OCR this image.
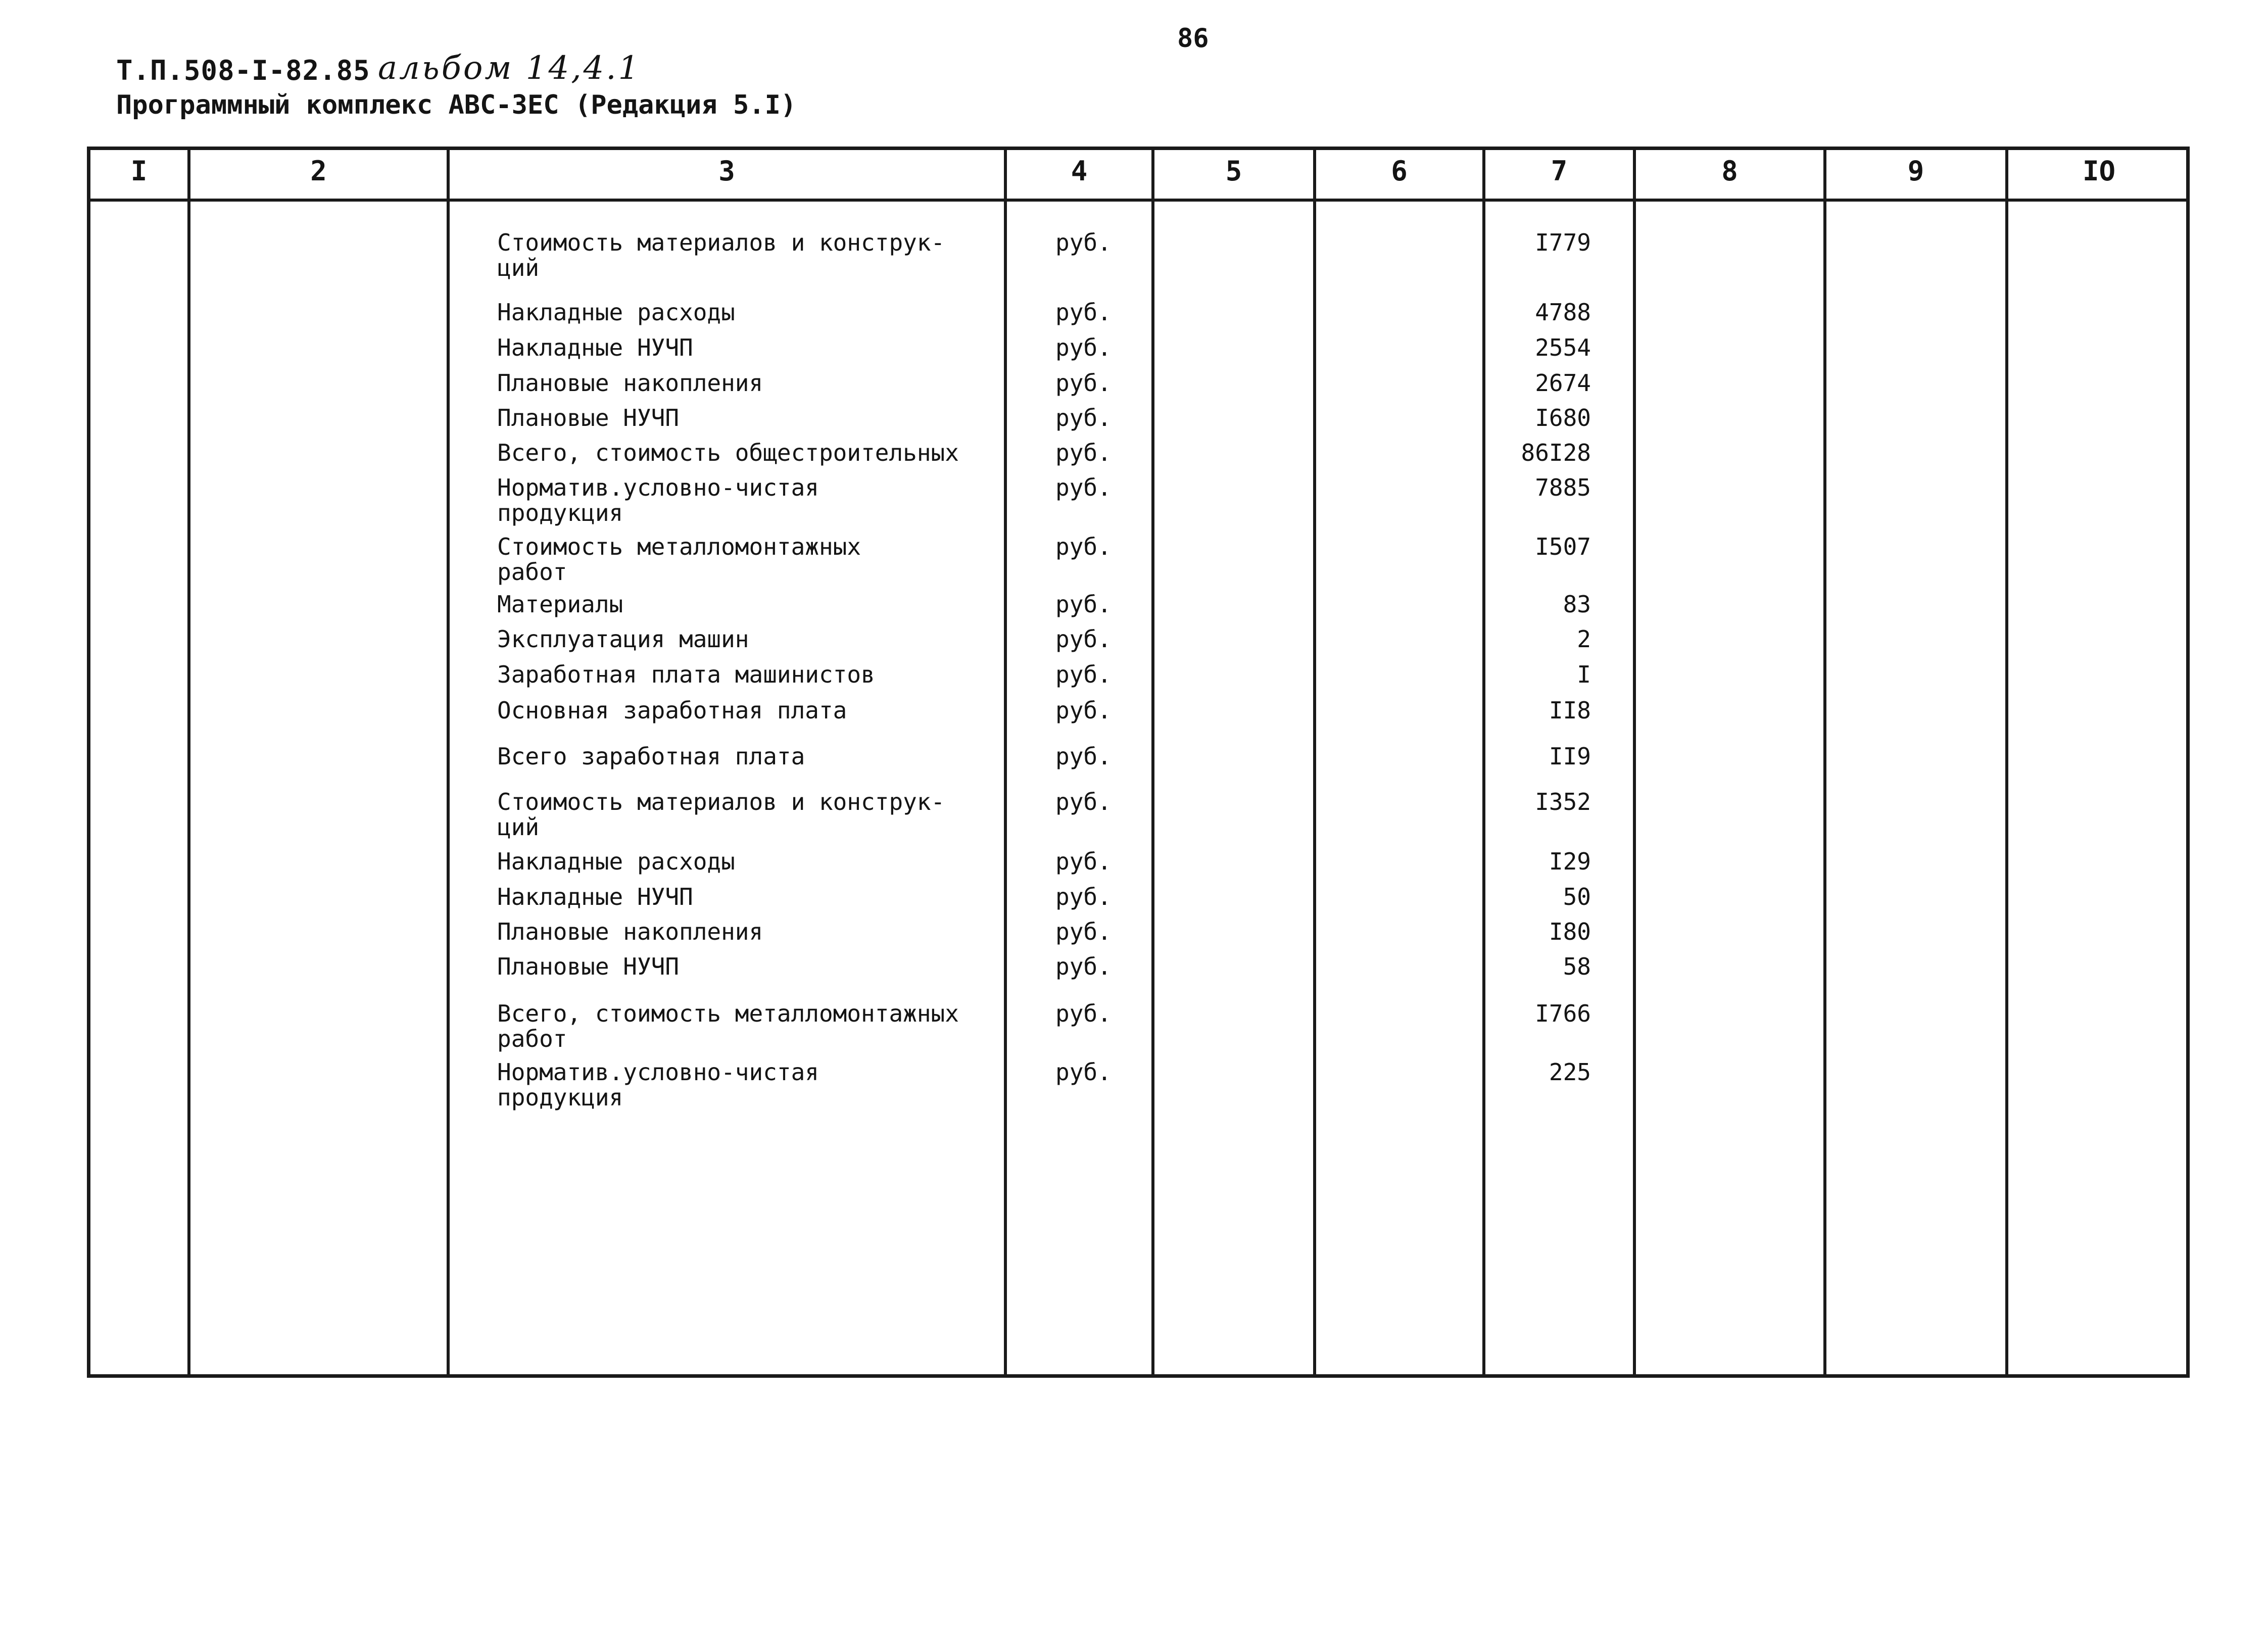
86
Т.П.508-I-82.85 альбом 14,4.1
Программный комплекс АВС-ЗЕС (Редакция 5.I)
I	2	3	4	5	6	7	8	9	IO
Стоимость материалов и конструк-
ций
руб.	I779
Накладные расходы	руб.	4788
Накладные НУЧП	руб.	2554
Плановые накопления	руб.	2674
Плановые НУЧП	руб.	I680
Всего, стоимость общестроительных	руб.	86I28
Норматив.условно-чистая
продукция
руб.	7885
Стоимость металломонтажных
работ
руб.	I507
Материалы	руб.	83
Эксплуатация машин	руб.	2
Заработная плата машинистов	руб.	I
Основная заработная плата	руб.	II8
Всего заработная плата	руб.	II9
Стоимость материалов и конструк-
ций
руб.	I352
Накладные расходы	руб.	I29
Накладные НУЧП	руб.	50
Плановые накопления	руб.	I80
Плановые НУЧП	руб.	58
Всего, стоимость металломонтажных
работ
руб.	I766
Норматив.условно-чистая
продукция
руб.	225
